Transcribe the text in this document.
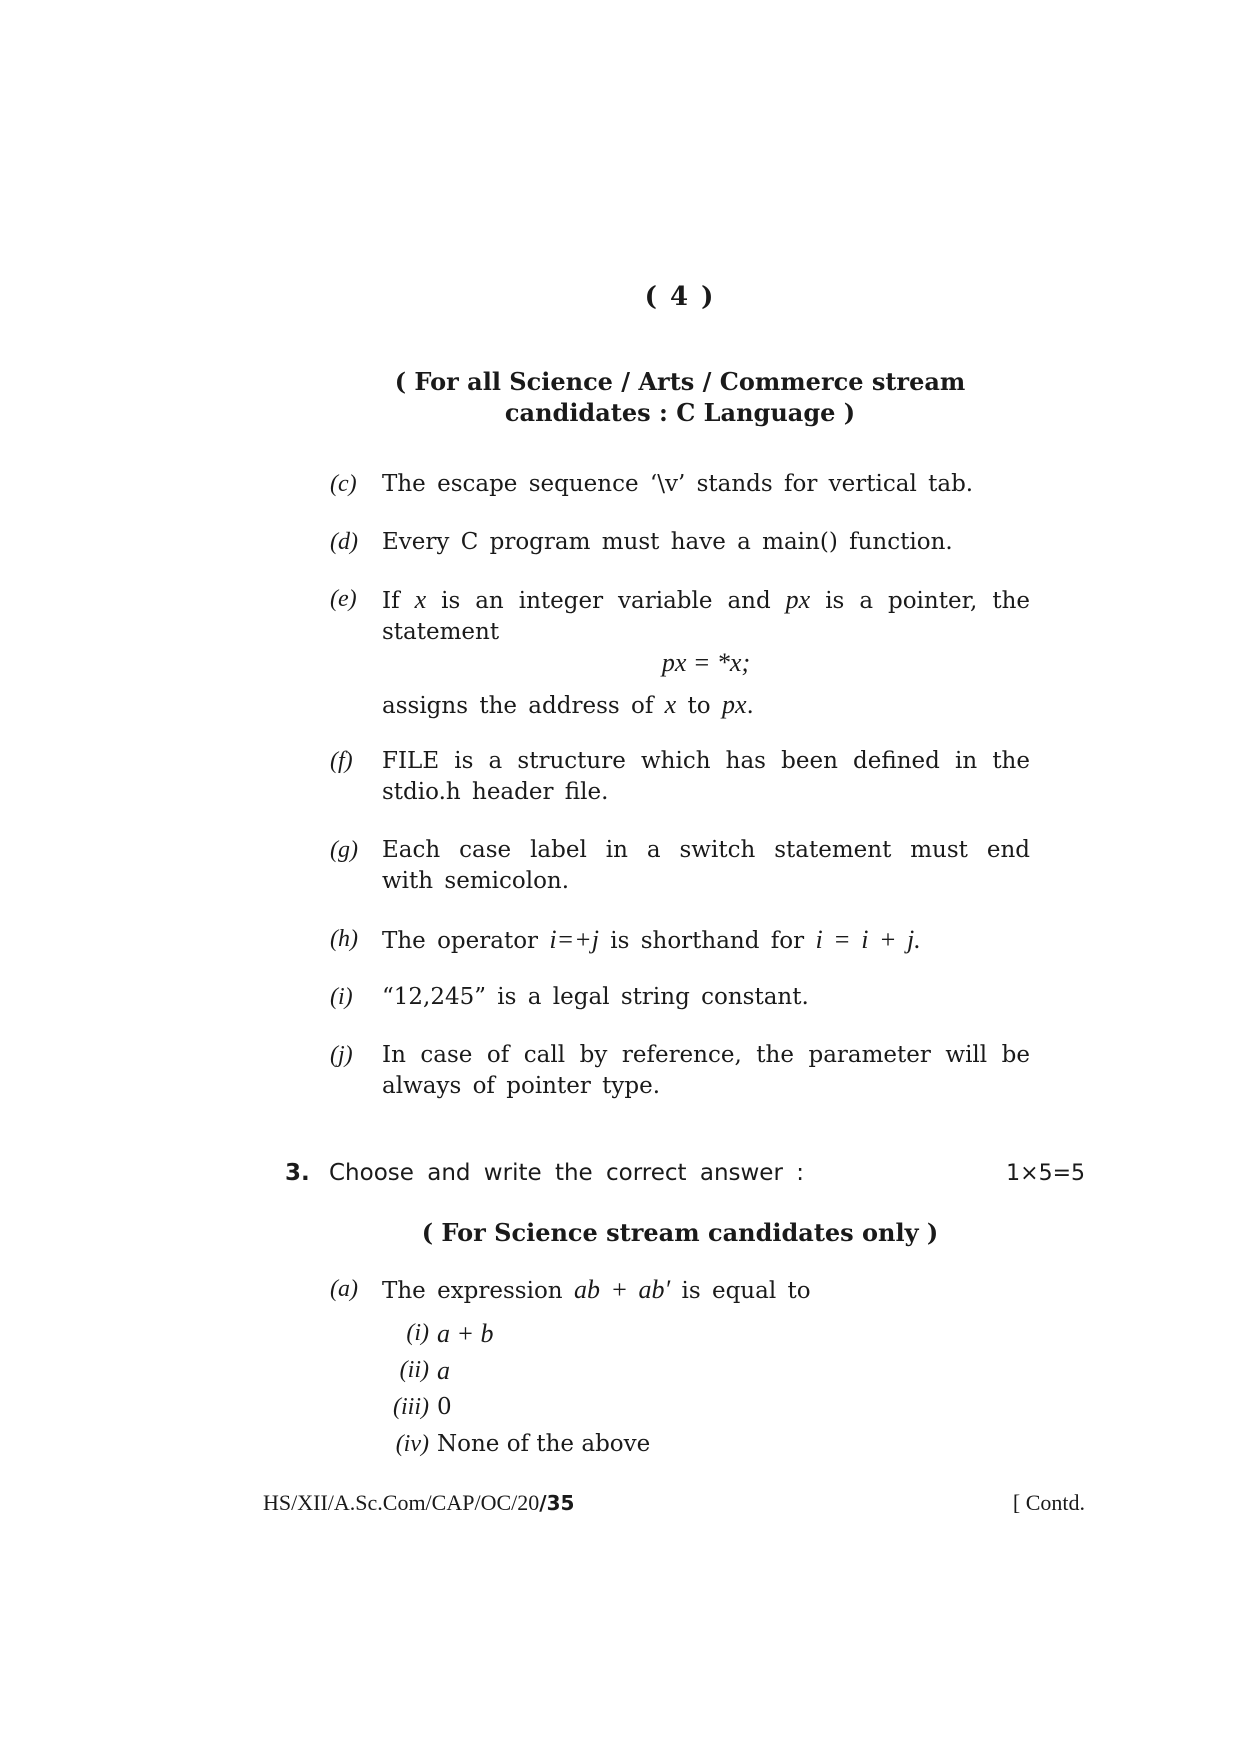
( 4 )
( For all Science / Arts / Commerce stream
candidates : C Language )
(c) The escape sequence ‘\v’ stands for vertical tab.
(d) Every C program must have a main() function.
(e) If x is an integer variable and px is a pointer, the statement
px = *x;
assigns the address of x to px.
(f) FILE is a structure which has been defined in the stdio.h header file.
(g) Each case label in a switch statement must end with semicolon.
(h) The operator i=+j is shorthand for i = i + j.
(i) “12,245” is a legal string constant.
(j) In case of call by reference, the parameter will be always of pointer type.
3. Choose and write the correct answer :	1×5=5
( For Science stream candidates only )
(a) The expression ab + ab′ is equal to
(i) a + b
(ii) a
(iii) 0
(iv) None of the above
HS/XII/A.Sc.Com/CAP/OC/20/35	[ Contd.
